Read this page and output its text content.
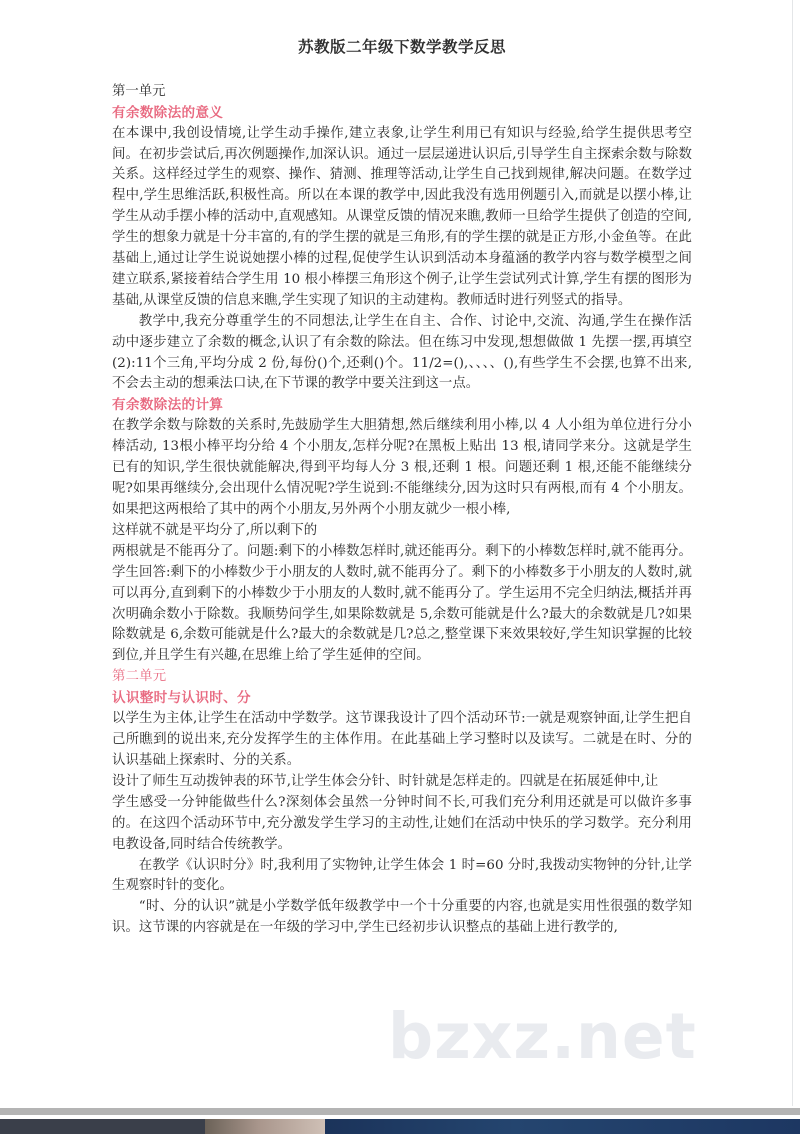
bzxz.net
苏教版二年级下数学教学反思

第一单元

有余数除法的意义

在本课中,我创设情境,让学生动手操作,建立表象,让学生利用已有知识与经验,给学生提供思考空间。在初步尝试后,再次例题操作,加深认识。通过一层层递进认识后,引导学生自主探索余数与除数关系。这样经过学生的观察、操作、猜测、推理等活动,让学生自己找到规律,解决问题。在数学过程中,学生思维活跃,积极性高。所以在本课的教学中,因此我没有选用例题引入,而就是以摆小棒,让学生从动手摆小棒的活动中,直观感知。从课堂反馈的情况来瞧,教师一旦给学生提供了创造的空间,学生的想象力就是十分丰富的,有的学生摆的就是三角形,有的学生摆的就是正方形,小金鱼等。在此基础上,通过让学生说说她摆小棒的过程,促使学生认识到活动本身蕴涵的教学内容与数学模型之间建立联系,紧接着结合学生用 10 根小棒摆三角形这个例子,让学生尝试列式计算,学生有摆的图形为基础,从课堂反馈的信息来瞧,学生实现了知识的主动建构。教师适时进行列竖式的指导。

教学中,我充分尊重学生的不同想法,让学生在自主、合作、讨论中,交流、沟通,学生在操作活动中逐步建立了余数的概念,认识了有余数的除法。但在练习中发现,想想做做 1 先摆一摆,再填空(2):11个三角,平均分成 2 份,每份()个,还剩()个。11/2=(),、、、、(),有些学生不会摆,也算不出来,不会去主动的想乘法口诀,在下节课的教学中要关注到这一点。

有余数除法的计算

在教学余数与除数的关系时,先鼓励学生大胆猜想,然后继续利用小棒,以 4 人小组为单位进行分小棒活动, 13根小棒平均分给 4 个小朋友,怎样分呢?在黑板上贴出 13 根,请同学来分。这就是学生已有的知识,学生很快就能解决,得到平均每人分 3 根,还剩 1 根。问题还剩 1 根,还能不能继续分呢?如果再继续分,会出现什么情况呢?学生说到:不能继续分,因为这时只有两根,而有 4 个小朋友。如果把这两根给了其中的两个小朋友,另外两个小朋友就少一根小棒,

这样就不就是平均分了,所以剩下的

两根就是不能再分了。问题:剩下的小棒数怎样时,就还能再分。剩下的小棒数怎样时,就不能再分。学生回答:剩下的小棒数少于小朋友的人数时,就不能再分了。剩下的小棒数多于小朋友的人数时,就可以再分,直到剩下的小棒数少于小朋友的人数时,就不能再分了。学生运用不完全归纳法,概括并再次明确余数小于除数。我顺势问学生,如果除数就是 5,余数可能就是什么?最大的余数就是几?如果除数就是 6,余数可能就是什么?最大的余数就是几?总之,整堂课下来效果较好,学生知识掌握的比较到位,并且学生有兴趣,在思维上给了学生延伸的空间。

第二单元

认识整时与认识时、分

以学生为主体,让学生在活动中学数学。这节课我设计了四个活动环节:一就是观察钟面,让学生把自己所瞧到的说出来,充分发挥学生的主体作用。在此基础上学习整时以及读写。二就是在时、分的认识基础上探索时、分的关系。

设计了师生互动拨钟表的环节,让学生体会分针、时针就是怎样走的。四就是在拓展延伸中,让

学生感受一分钟能做些什么?深刻体会虽然一分钟时间不长,可我们充分利用还就是可以做许多事的。在这四个活动环节中,充分激发学生学习的主动性,让她们在活动中快乐的学习数学。充分利用电教设备,同时结合传统教学。

在教学《认识时分》时,我利用了实物钟,让学生体会 1 时=60 分时,我拨动实物钟的分针,让学生观察时针的变化。

“时、分的认识”就是小学数学低年级教学中一个十分重要的内容,也就是实用性很强的数学知识。这节课的内容就是在一年级的学习中,学生已经初步认识整点的基础上进行教学的,
